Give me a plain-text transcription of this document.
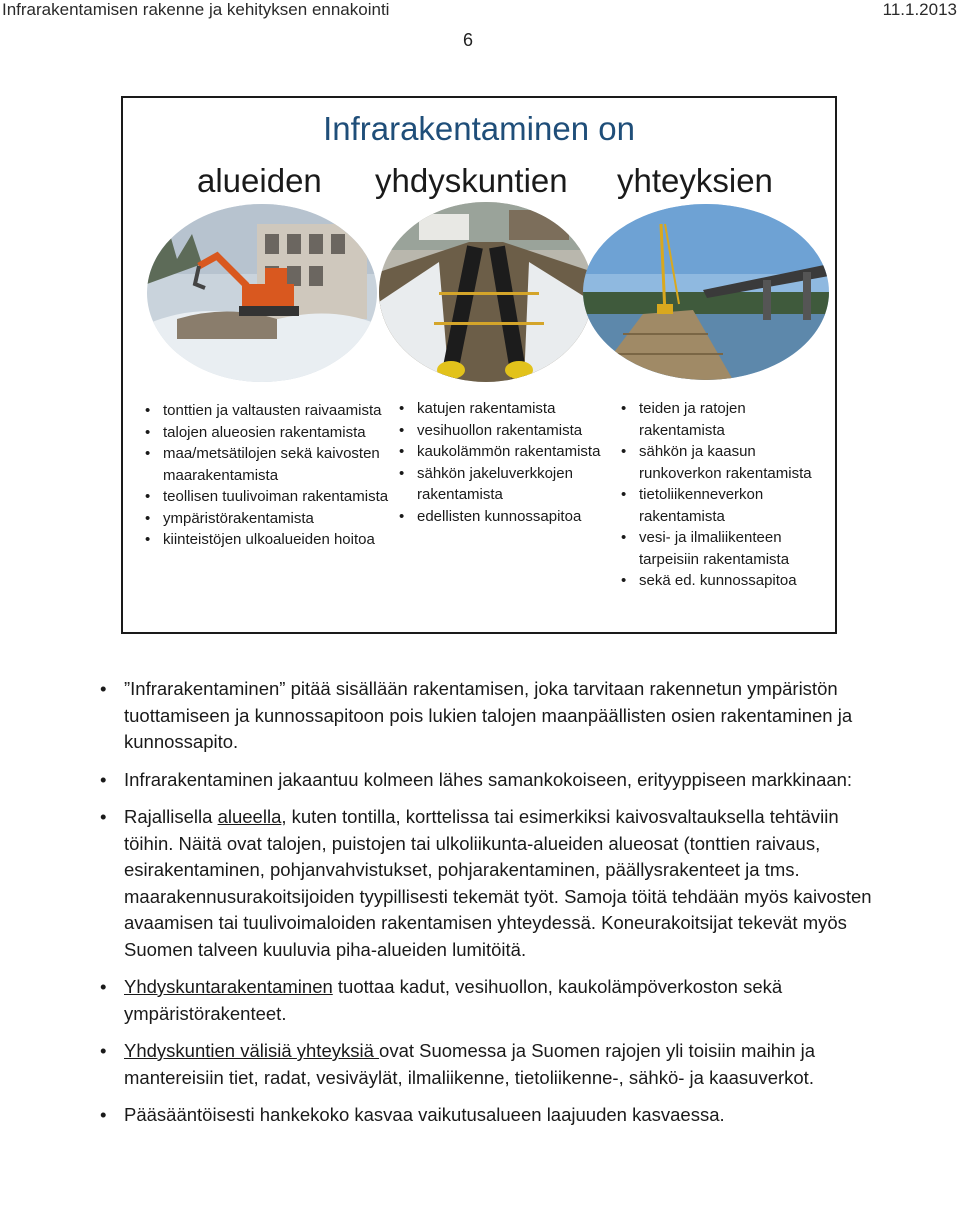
Infrarakentamisen rakenne ja kehityksen ennakointi	11.1.2013
6
Infrarakentaminen on
alueiden yhdyskuntien yhteyksien
• tonttien ja valtausten raivaamista
• talojen alueosien rakentamista
• maa/metsätilojen sekä kaivosten maarakentamista
• teollisen tuulivoiman rakentamista
• ympäristörakentamista
• kiinteistöjen ulkoalueiden hoitoa
• katujen rakentamista
• vesihuollon rakentamista
• kaukolämmön rakentamista
• sähkön jakeluverkkojen rakentamista
• edellisten kunnossapitoa
• teiden ja ratojen rakentamista
• sähkön ja kaasun runkoverkon rakentamista
• tietoliikenneverkon rakentamista
• vesi- ja ilmaliikenteen tarpeisiin rakentamista
• sekä ed. kunnossapitoa
• ”Infrarakentaminen” pitää sisällään rakentamisen, joka tarvitaan rakennetun ympäristön tuottamiseen ja kunnossapitoon pois lukien talojen maanpäällisten osien rakentaminen ja kunnossapito.
• Infrarakentaminen jakaantuu kolmeen lähes samankokoiseen, erityyppiseen markkinaan:
• Rajallisella alueella, kuten tontilla, korttelissa tai esimerkiksi kaivosvaltauksella tehtäviin töihin. Näitä ovat talojen, puistojen tai ulkoliikunta-alueiden alueosat (tonttien raivaus, esirakentaminen, pohjanvahvistukset, pohjarakentaminen, päällysrakenteet ja tms. maarakennusurakoitsijoiden tyypillisesti tekemät työt. Samoja töitä tehdään myös kaivosten avaamisen tai tuulivoimaloiden rakentamisen yhteydessä. Koneurakoitsijat tekevät myös Suomen talveen kuuluvia piha-alueiden lumitöitä.
• Yhdyskuntarakentaminen tuottaa kadut, vesihuollon, kaukolämpöverkoston sekä ympäristörakenteet.
• Yhdyskuntien välisiä yhteyksiä ovat Suomessa ja Suomen rajojen yli toisiin maihin ja mantereisiin tiet, radat, vesiväylät, ilmaliikenne, tietoliikenne-, sähkö- ja kaasuverkot.
• Pääsääntöisesti hankekoko kasvaa vaikutusalueen laajuuden kasvaessa.
